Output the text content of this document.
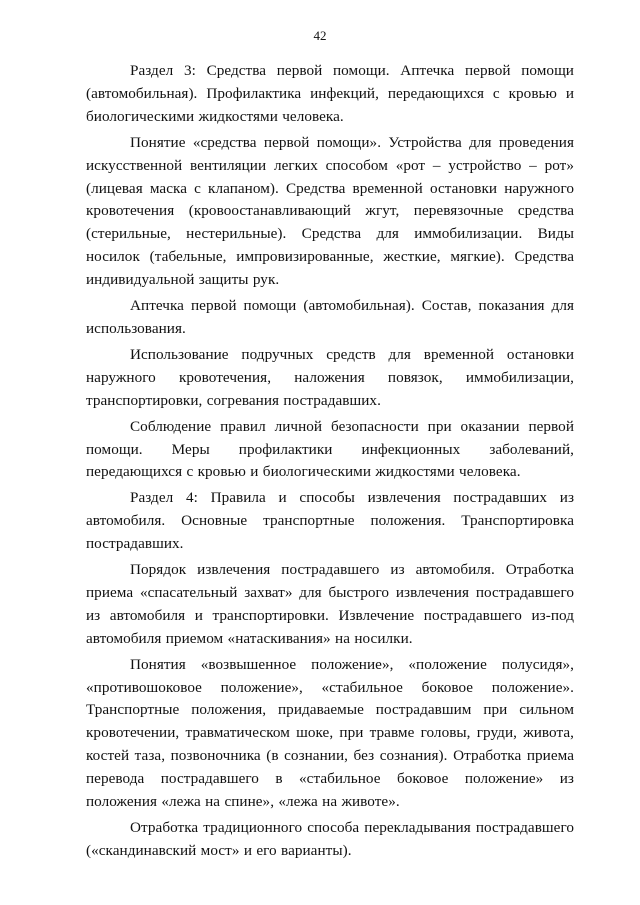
42

Раздел 3: Средства первой помощи. Аптечка первой помощи (автомобильная). Профилактика инфекций, передающихся с кровью и биологическими жидкостями человека.

Понятие «средства первой помощи». Устройства для проведения искусственной вентиляции легких способом «рот – устройство – рот» (лицевая маска с клапаном). Средства временной остановки наружного кровотечения (кровоостанавливающий жгут, перевязочные средства (стерильные, нестерильные). Средства для иммобилизации. Виды носилок (табельные, импровизированные, жесткие, мягкие). Средства индивидуальной защиты рук.

Аптечка первой помощи (автомобильная). Состав, показания для использования.

Использование подручных средств для временной остановки наружного кровотечения, наложения повязок, иммобилизации, транспортировки, согревания пострадавших.

Соблюдение правил личной безопасности при оказании первой помощи. Меры профилактики инфекционных заболеваний, передающихся с кровью и биологическими жидкостями человека.

Раздел 4: Правила и способы извлечения пострадавших из автомобиля. Основные транспортные положения. Транспортировка пострадавших.

Порядок извлечения пострадавшего из автомобиля. Отработка приема «спасательный захват» для быстрого извлечения пострадавшего из автомобиля и транспортировки. Извлечение пострадавшего из-под автомобиля приемом «натаскивания» на носилки.

Понятия «возвышенное положение», «положение полусидя», «противошоковое положение», «стабильное боковое положение». Транспортные положения, придаваемые пострадавшим при сильном кровотечении, травматическом шоке, при травме головы, груди, живота, костей таза, позвоночника (в сознании, без сознания). Отработка приема перевода пострадавшего в «стабильное боковое положение» из положения «лежа на спине», «лежа на животе».

Отработка традиционного способа перекладывания пострадавшего («скандинавский мост» и его варианты).
